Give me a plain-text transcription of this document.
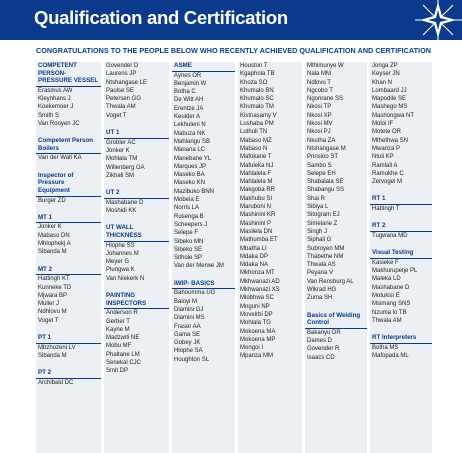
Qualification and Certification
CONGRATULATIONS TO THE PEOPLE BELOW WHO RECENTLY ACHIEVED QUALIFICATION AND CERTIFICATION
COMPETENT PERSON-
PRESSURE VESSEL
Erasmus AW
Kleynhans J
Koekemoer J
Smith S
Van Rooyen JC
Competent Person
Boilers
Van der Walt KA
Inspector of Pressure
Equipment
Burger ZD
MT 1
Jonker K
Mabaso DN
Mhlophekj A
Sibanda M
MT 2
Hattingh KT
Kunneke TD
Mjwara BP
Muller J
Ndhlovu M
Voget T
PT 1
Mbzhozeni LV
Sibanda M
PT 2
Archibald DC
Govender D
Laurens JP
Ntshangase LE
Paulse SE
Petersen GG
Thwala AM
Voget T
UT 1
Grobler AC
Jonker K
Mohlala TM
Willenberg GA
Zikhali SM
UT 2
Mashabane D
Moshidi KK
UT WALL THICKNESS
Hlophe SS
Johannes M
Meyer G
Plungwa K
Van Niekerk N
PAINTING
INSPECTORS
Anderson R
Gerber T
Kayne M
Madzwiti NE
Mobu MF
Phaltane LM
Senekal CJC
Smit DP
ASME
Aynes OR
Benjamin W
Botha C
De Witt AH
Erentze JA
Keulder A
Lekhuleni N
Mabuza NK
Mahlangu SB
Manana LC
Manebane YL
Marques JP
Maseko BA
Maseko KN
Mazibuko BNN
Mobela E
Norris LA
Rusenga B
Scheepers J
Selepe F
Sibeko MN
Sibeko SE
Sithole SP
Van der Merwe JM
IWIP- BASICS
Bahoumma UG
Baloyi M
Dlamini GJ
Dlamini MS
Fraser AA
Gama SE
Gobey JK
Hlophe SA
Houghton SL
Houston T
Kgaphola TB
Khoza SO
Khumalo BN
Khumalo SC
Khumalo TM
Kistnasamy V
Lushaba PM
Luthuli TN
Mabaso MZ
Mabaso N
Mafokane T
Mafuleka NJ
Mahlalela F
Mahlalela M
Makgoba RR
Makhubu SI
Maruboni N
Mashinini KR
Mashinini P
Masilela DN
Mathumba ET
Mbatha LI
Mdaka DP
Mdaka NA
Mkhonza MT
Mkhwanazi AD
Mkhwanazi XS
Mlobhwa SC
Mnguni NP
Movelrbi DP
Mohlala TG
Mokoena MA
Mokoena MP
Mongoi I
Mpanza MM
Mthimunye W
Nala MM
Ndlovu T
Ngcobo T
Ngonrane SS
Nkosi TP
Nkosi XP
Nkosi MV
Nkosi PJ
Nkutha ZA
Ntshangase M
Prinsloo ST
Sambo S
Selepe EH
Shabalala SE
Shabangu SS
Shai R
Sibiya L
Sitogram EJ
Simelane Z
Singh J
Siphali G
Subroyen MM
Thabethe NM
Thwala AS
Peyana V
Van Rensburg AL
Wikrad HG
Zuma SH
Basics of Welding
Control
Bakanyu DR
Dames D
Govender R
Isaacs CD
Jonga ZP
Keyser JN
Khan N
Lombaard JJ
Mapodile SE
Mashego MS
Mashongwa NT
Moloi IF
Motete OR
Mthethwa SN
Mwanza P
Ntuli KP
Ramlall A
Ramukhe C
Zervogel M
RT 1
Hattingh T
RT 2
Tugwana MD
Visual Testing
Kasieke F
Makhurupetje PL
Maleka LD
Mashabane D
Motukisi E
Msimang SNS
Nzuma lo TB
Thwala AM
RT Interpreters
Botha MS
Mafopada ML
